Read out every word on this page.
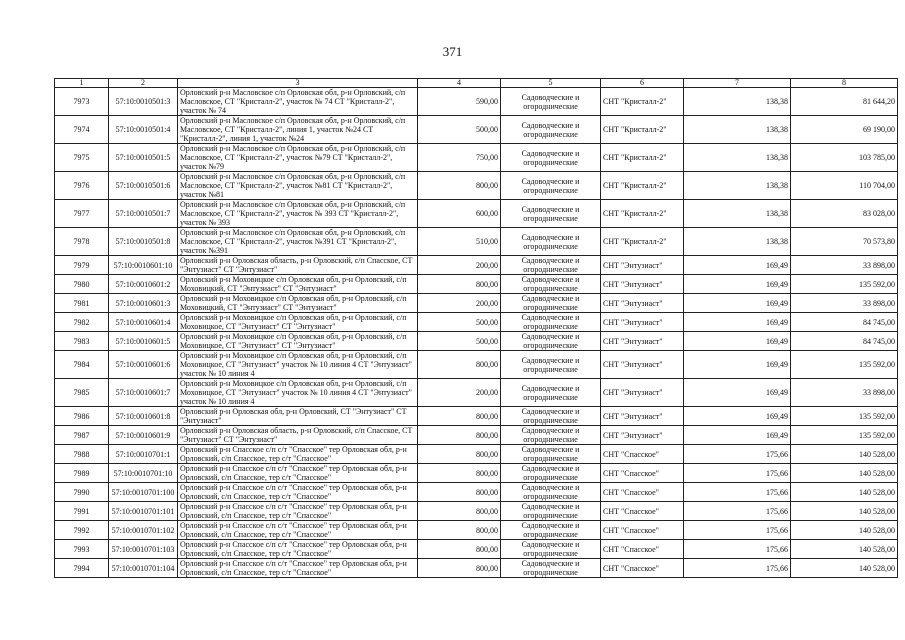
371
1	2	3	4	5	6	7	8
7973	57:10:0010501:3	Орловский р-н Масловское с/п Орловская обл, р-н Орловский, с/п Масловское, СТ "Кристалл-2", участок № 74 СТ "Кристалл-2", участок № 74	590,00	Садоводческие и огороднические	СНТ "Кристалл-2"	138,38	81 644,20
7974	57:10:0010501:4	Орловский р-н Масловское с/п Орловская обл, р-н Орловский, с/п Масловское, СТ "Кристалл-2", линия 1, участок №24 СТ "Кристалл-2", линия 1, участок №24	500,00	Садоводческие и огороднические	СНТ "Кристалл-2"	138,38	69 190,00
7975	57:10:0010501:5	Орловский р-н Масловское с/п Орловская обл, р-н Орловский, с/п Масловское, СТ "Кристалл-2", участок №79 СТ "Кристалл-2", участок №79	750,00	Садоводческие и огороднические	СНТ "Кристалл-2"	138,38	103 785,00
7976	57:10:0010501:6	Орловский р-н Масловское с/п Орловская обл, р-н Орловский, с/п Масловское, СТ "Кристалл-2", участок №81 СТ "Кристалл-2", участок №81	800,00	Садоводческие и огороднические	СНТ "Кристалл-2"	138,38	110 704,00
7977	57:10:0010501:7	Орловский р-н Масловское с/п Орловская обл, р-н Орловский, с/п Масловское, СТ "Кристалл-2", участок № 393 СТ "Кристалл-2", участок № 393	600,00	Садоводческие и огороднические	СНТ "Кристалл-2"	138,38	83 028,00
7978	57:10:0010501:8	Орловский р-н Масловское с/п Орловская обл, р-н Орловский, с/п Масловское, СТ "Кристалл-2", участок №391 СТ "Кристалл-2", участок №391	510,00	Садоводческие и огороднические	СНТ "Кристалл-2"	138,38	70 573,80
7979	57:10:0010601:10	Орловский р-н Орловская область, р-н Орловский, с/п Спасское, СТ "Энтузиаст" СТ "Энтузиаст"	200,00	Садоводческие и огороднические	СНТ "Энтузиаст"	169,49	33 898,00
7980	57:10:0010601:2	Орловский р-н Моховицкое с/п Орловская обл, р-н Орловский, с/п Моховицкий, СТ "Энтузиаст" СТ "Энтузиаст"	800,00	Садоводческие и огороднические	СНТ "Энтузиаст"	169,49	135 592,00
7981	57:10:0010601:3	Орловский р-н Моховицкое с/п Орловская обл, р-н Орловский, с/п Моховицкий, СТ "Энтузиаст" СТ "Энтузиаст"	200,00	Садоводческие и огороднические	СНТ "Энтузиаст"	169,49	33 898,00
7982	57:10:0010601:4	Орловский р-н Моховицкое с/п Орловская обл, р-н Орловский, с/п Моховицкое, СТ "Энтузиаст" СТ "Энтузиаст"	500,00	Садоводческие и огороднические	СНТ "Энтузиаст"	169,49	84 745,00
7983	57:10:0010601:5	Орловский р-н Моховицкое с/п Орловская обл, р-н Орловский, с/п Моховицкое, СТ "Энтузиаст" СТ "Энтузиаст"	500,00	Садоводческие и огороднические	СНТ "Энтузиаст"	169,49	84 745,00
7984	57:10:0010601:6	Орловский р-н Моховицкое с/п Орловская обл, р-н Орловский, с/п Моховицкое, СТ "Энтузиаст" участок № 10 линия 4 СТ "Энтузиаст" участок № 10 линия 4	800,00	Садоводческие и огороднические	СНТ "Энтузиаст"	169,49	135 592,00
7985	57:10:0010601:7	Орловский р-н Моховицкое с/п Орловская обл, р-н Орловский, с/п Моховицкое, СТ "Энтузиаст" участок № 10 линия 4 СТ "Энтузиаст" участок № 10 линия 4	200,00	Садоводческие и огороднические	СНТ "Энтузиаст"	169,49	33 898,00
7986	57:10:0010601:8	Орловский р-н Орловская обл, р-н Орловский, СТ "Энтузиаст" СТ "Энтузиаст"	800,00	Садоводческие и огороднические	СНТ "Энтузиаст"	169,49	135 592,00
7987	57:10:0010601:9	Орловский р-н Орловская область, р-н Орловский, с/п Спасское, СТ "Энтузиаст" СТ "Энтузиаст"	800,00	Садоводческие и огороднические	СНТ "Энтузиаст"	169,49	135 592,00
7988	57:10:0010701:1	Орловский р-н Спасское с/п с/т "Спасское" тер Орловская обл, р-н Орловский, с/п Спасское, тер с/т "Спасское"	800,00	Садоводческие и огороднические	СНТ "Спасское"	175,66	140 528,00
7989	57:10:0010701:10	Орловский р-н Спасское с/п с/т "Спасское" тер Орловская обл, р-н Орловский, с/п Спасское, тер с/т "Спасское"	800,00	Садоводческие и огороднические	СНТ "Спасское"	175,66	140 528,00
7990	57:10:0010701:100	Орловский р-н Спасское с/п с/т "Спасское" тер Орловская обл, р-н Орловский, с/п Спасское, тер с/т "Спасское"	800,00	Садоводческие и огороднические	СНТ "Спасское"	175,66	140 528,00
7991	57:10:0010701:101	Орловский р-н Спасское с/п с/т "Спасское" тер Орловская обл, р-н Орловский, с/п Спасское, тер с/т "Спасское"	800,00	Садоводческие и огороднические	СНТ "Спасское"	175,66	140 528,00
7992	57:10:0010701:102	Орловский р-н Спасское с/п с/т "Спасское" тер Орловская обл, р-н Орловский, с/п Спасское, тер с/т "Спасское"	800,00	Садоводческие и огороднические	СНТ "Спасское"	175,66	140 528,00
7993	57:10:0010701:103	Орловский р-н Спасское с/п с/т "Спасское" тер Орловская обл, р-н Орловский, с/п Спасское, тер с/т "Спасское"	800,00	Садоводческие и огороднические	СНТ "Спасское"	175,66	140 528,00
7994	57:10:0010701:104	Орловский р-н Спасское с/п с/т "Спасское" тер Орловская обл, р-н Орловский, с/п Спасское, тер с/т "Спасское"	800,00	Садоводческие и огороднические	СНТ "Спасское"	175,66	140 528,00
